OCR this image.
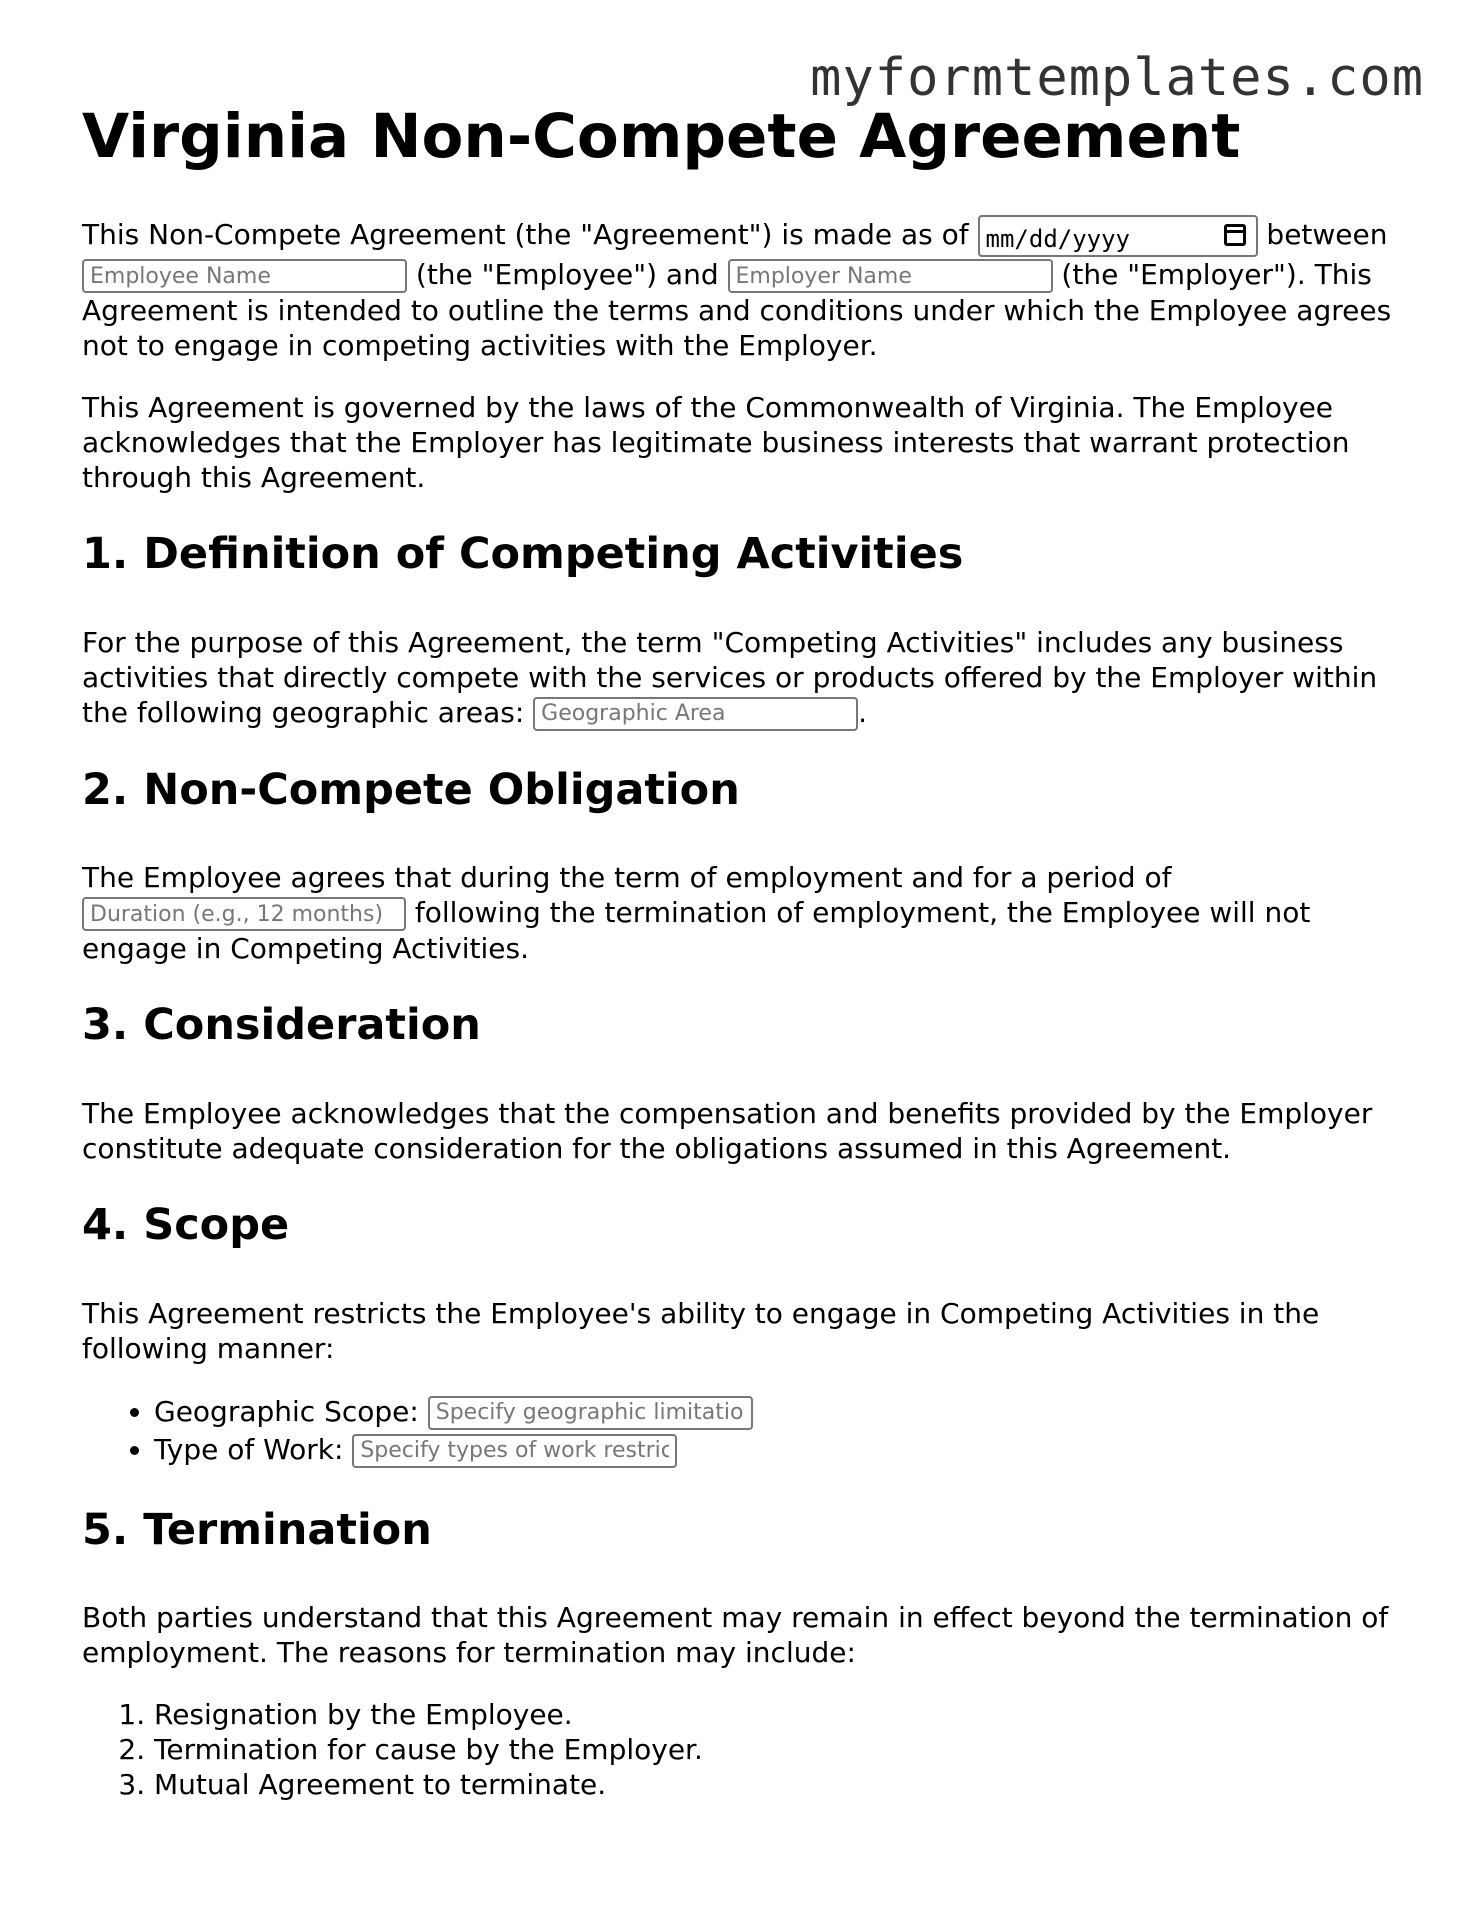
myformtemplates.com
Virginia Non-Compete Agreement

This Non-Compete Agreement (the "Agreement") is made as of mm/dd/yyyy	between Employee Name (the "Employee") and Employer Name	(the "Employer"). This Agreement is intended to outline the terms and conditions under which the Employee agrees not to engage in competing activities with the Employer.

This Agreement is governed by the laws of the Commonwealth of Virginia. The Employee acknowledges that the Employer has legitimate business interests that warrant protection through this Agreement.

1. Definition of Competing Activities

For the purpose of this Agreement, the term "Competing Activities" includes any business activities that directly compete with the services or products offered by the Employer within the following geographic areas: Geographic Area	.

2. Non-Compete Obligation

The Employee agrees that during the term of employment and for a period of Duration (e.g., 12 months) following the termination of employment, the Employee will not engage in Competing Activities.

3. Consideration

The Employee acknowledges that the compensation and benefits provided by the Employer constitute adequate consideration for the obligations assumed in this Agreement.

4. Scope

This Agreement restricts the Employee's ability to engage in Competing Activities in the following manner:

• Geographic Scope: Specify geographic limitations
• Type of Work: Specify types of work restricted
5. Termination

Both parties understand that this Agreement may remain in effect beyond the termination of employment. The reasons for termination may include:

1. Resignation by the Employee.
2. Termination for cause by the Employer.
3. Mutual Agreement to terminate.
